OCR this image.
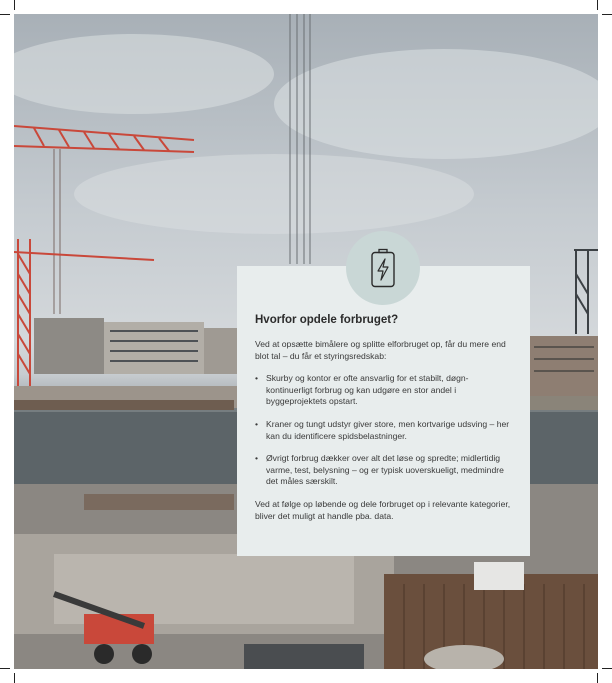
Hvorfor opdele forbruget?

Ved at opsætte bimålere og splitte elforbruget op, får du mere end blot tal – du får et styringsredskab:

• Skurby og kontor er ofte ansvarlig for et stabilt, døgn-kontinuerligt forbrug og kan udgøre en stor andel i byggeprojektets opstart.
• Kraner og tungt udstyr giver store, men kortvarige udsving – her kan du identificere spidsbelastninger.
• Øvrigt forbrug dækker over alt det løse og spredte; midlertidig varme, test, belysning – og er typisk uoverskueligt, medmindre det måles særskilt.

Ved at følge op løbende og dele forbruget op i relevante kategorier, bliver det muligt at handle pba. data.
